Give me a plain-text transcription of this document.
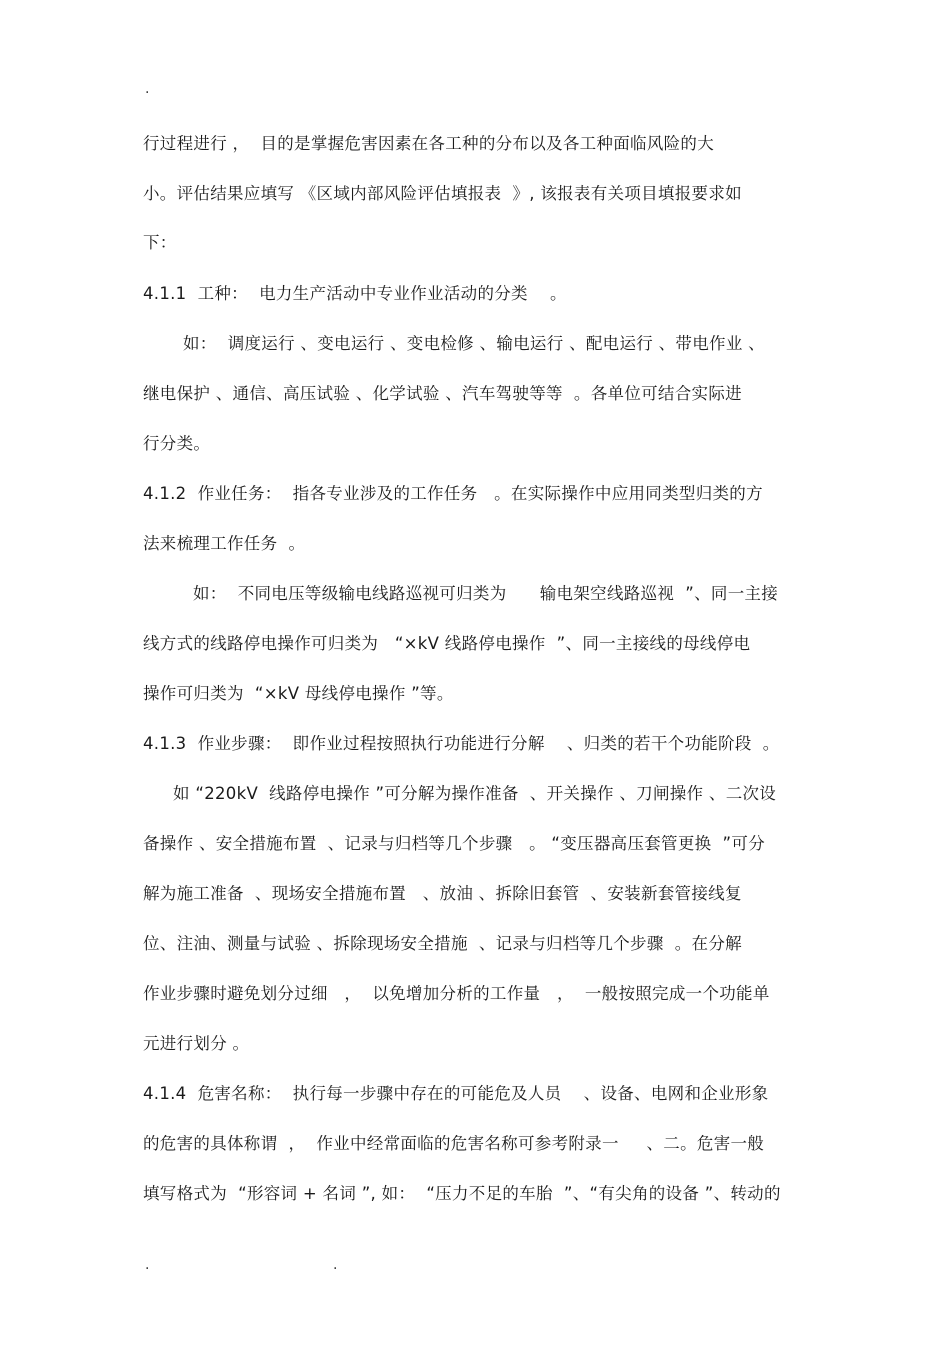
.
行过程进行 ，  目的是掌握危害因素在各工种的分布以及各工种面临风险的大
小。评估结果应填写 《区域内部风险评估填报表  》, 该报表有关项目填报要求如
下：
4.1.1  工种：  电力生产活动中专业作业活动的分类    。
如：  调度运行 、变电运行 、变电检修 、输电运行 、配电运行 、带电作业 、
继电保护 、通信、高压试验 、化学试验 、汽车驾驶等等  。各单位可结合实际进
行分类。
4.1.2  作业任务：  指各专业涉及的工作任务   。在实际操作中应用同类型归类的方
法来梳理工作任务  。
如：  不同电压等级输电线路巡视可归类为      输电架空线路巡视  ”、同一主接
线方式的线路停电操作可归类为   “×kV 线路停电操作  ”、同一主接线的母线停电
操作可归类为  “×kV 母线停电操作 ”等。
4.1.3  作业步骤：  即作业过程按照执行功能进行分解    、归类的若干个功能阶段  。
如 “220kV  线路停电操作 ”可分解为操作准备  、开关操作 、刀闸操作 、二次设
备操作 、安全措施布置  、记录与归档等几个步骤   。 “变压器高压套管更换  ”可分
解为施工准备  、现场安全措施布置   、放油 、拆除旧套管  、安装新套管接线复
位、注油、测量与试验 、拆除现场安全措施  、记录与归档等几个步骤  。在分解
作业步骤时避免划分过细   ，  以免增加分析的工作量   ，  一般按照完成一个功能单
元进行划分 。
4.1.4  危害名称：  执行每一步骤中存在的可能危及人员    、设备、电网和企业形象
的危害的具体称谓  ，  作业中经常面临的危害名称可参考附录一     、二。危害一般
填写格式为  “形容词 + 名词 ”, 如：  “压力不足的车胎  ”、“有尖角的设备 ”、转动的
.	.
